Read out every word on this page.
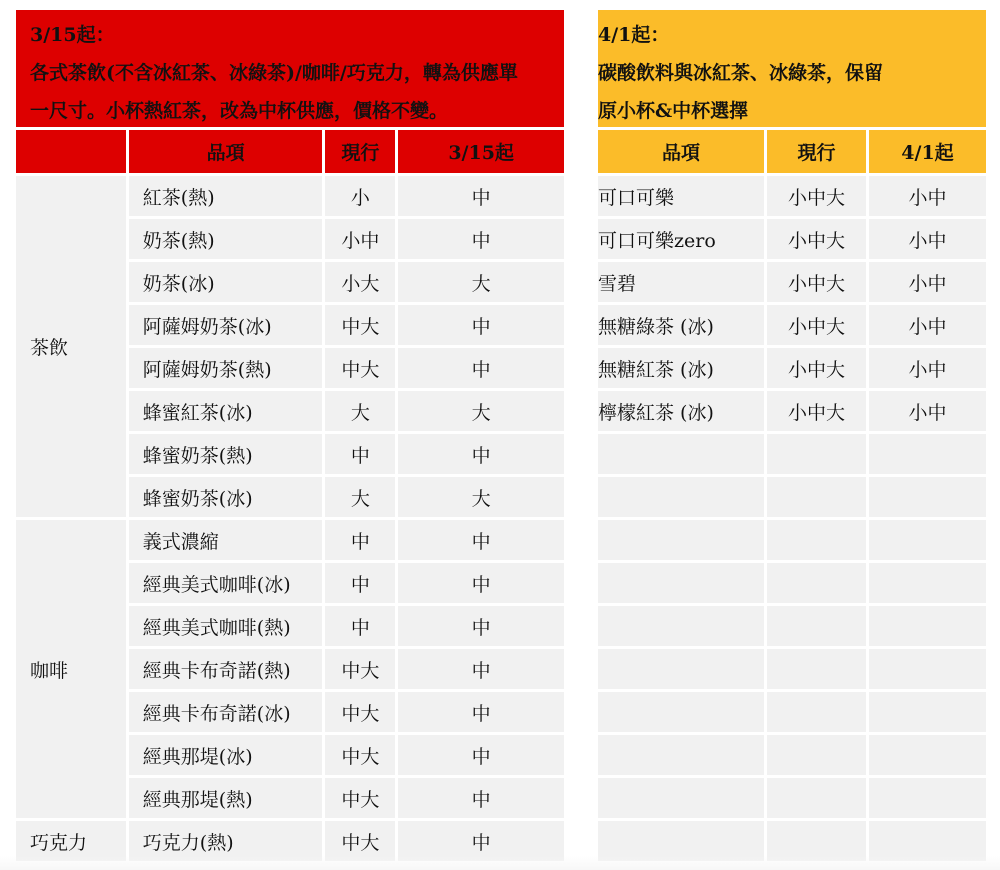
3/15起：
各式茶飲(不含冰紅茶、冰綠茶)/咖啡/巧克力，轉為供應單
一尺寸。小杯熱紅茶，改為中杯供應，價格不變。
	品項	現行	3/15起
茶飲	紅茶(熱)	小	中
	奶茶(熱)	小中	中
	奶茶(冰)	小大	大
	阿薩姆奶茶(冰)	中大	中
	阿薩姆奶茶(熱)	中大	中
	蜂蜜紅茶(冰)	大	大
	蜂蜜奶茶(熱)	中	中
	蜂蜜奶茶(冰)	大	大
咖啡	義式濃縮	中	中
	經典美式咖啡(冰)	中	中
	經典美式咖啡(熱)	中	中
	經典卡布奇諾(熱)	中大	中
	經典卡布奇諾(冰)	中大	中
	經典那堤(冰)	中大	中
	經典那堤(熱)	中大	中
巧克力	巧克力(熱)	中大	中
4/1起：
碳酸飲料與冰紅茶、冰綠茶，保留
原小杯&中杯選擇
品項	現行	4/1起
可口可樂	小中大	小中
可口可樂zero	小中大	小中
雪碧	小中大	小中
無糖綠茶 (冰)	小中大	小中
無糖紅茶 (冰)	小中大	小中
檸檬紅茶 (冰)	小中大	小中
